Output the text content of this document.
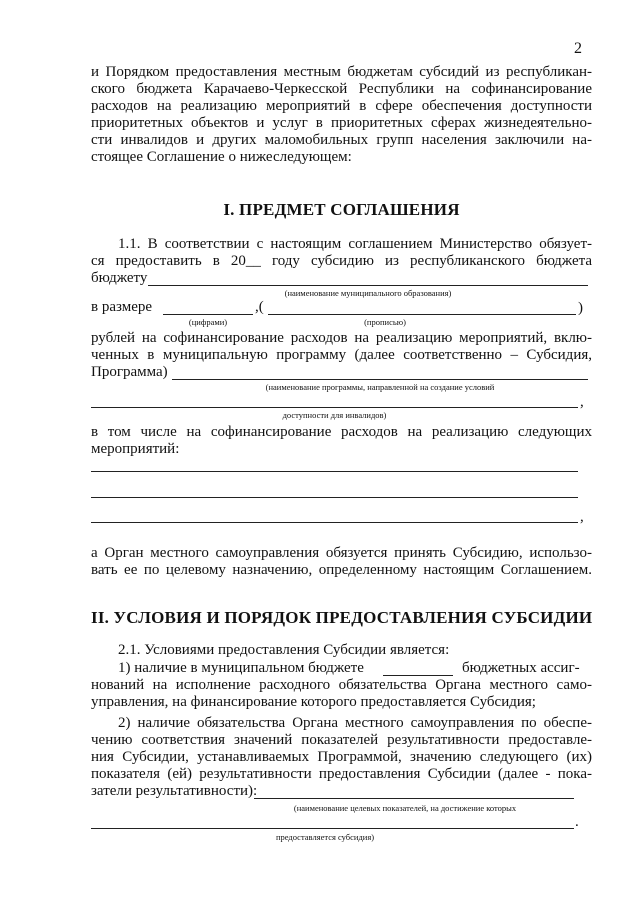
2
и Порядком предоставления местным бюджетам субсидий из республикан-
ского бюджета Карачаево-Черкесской Республики на софинансирование
расходов на реализацию мероприятий в сфере обеспечения доступности
приоритетных объектов и услуг в приоритетных сферах жизнедеятельно-
сти инвалидов и других маломобильных групп населения заключили на-
стоящее Соглашение о нижеследующем:
I. ПРЕДМЕТ СОГЛАШЕНИЯ
1.1. В соответствии с настоящим соглашением Министерство обязует-
ся предоставить в 20__ году субсидию из республиканского бюджета
бюджету
(наименование муниципального образования)
в размере	,(	)
(цифрами)	(прописью)
рублей на софинансирование расходов на реализацию мероприятий, вклю-
ченных в муниципальную программу (далее соответственно – Субсидия,
Программа)
(наименование программы, направленной на создание условий
,
доступности для инвалидов)
в том числе на софинансирование расходов на реализацию следующих
мероприятий:
,
а Орган местного самоуправления обязуется принять Субсидию, использо-
вать ее по целевому назначению, определенному настоящим Соглашением.
II. УСЛОВИЯ И ПОРЯДОК ПРЕДОСТАВЛЕНИЯ СУБСИДИИ
2.1. Условиями предоставления Субсидии является:
1) наличие в муниципальном бюджете	бюджетных ассиг-
нований на исполнение расходного обязательства Органа местного само-
управления, на финансирование которого предоставляется Субсидия;
2) наличие обязательства Органа местного самоуправления по обеспе-
чению соответствия значений показателей результативности предоставле-
ния Субсидии, устанавливаемых Программой, значению следующего (их)
показателя (ей) результативности предоставления Субсидии (далее - пока-
затели результативности):
(наименование целевых показателей, на достижение которых
.
предоставляется субсидия)
